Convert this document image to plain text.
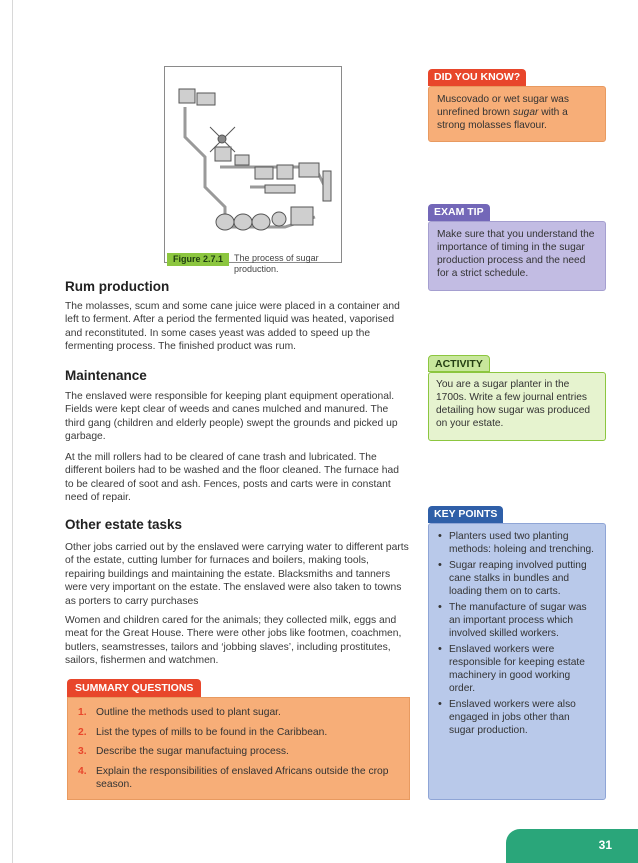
Figure 2.7.1	The process of sugar production.
Rum production

The molasses, scum and some cane juice were placed in a container and left to ferment. After a period the fermented liquid was heated, vaporised and reconstituted. In some cases yeast was added to speed up the fermenting process. The finished product was rum.

Maintenance

The enslaved were responsible for keeping plant equipment operational. Fields were kept clear of weeds and canes mulched and manured. The third gang (children and elderly people) swept the grounds and picked up garbage.

At the mill rollers had to be cleared of cane trash and lubricated. The different boilers had to be washed and the floor cleaned. The furnace had to be cleared of soot and ash. Fences, posts and carts were in constant need of repair.

Other estate tasks

Other jobs carried out by the enslaved were carrying water to different parts of the estate, cutting lumber for furnaces and boilers, making tools, repairing buildings and maintaining the estate. Blacksmiths and tanners were very important on the estate. The enslaved were also taken to towns as porters to carry purchases

Women and children cared for the animals; they collected milk, eggs and meat for the Great House. There were other jobs like footmen, coachmen, butlers, seamstresses, tailors and ‘jobbing slaves’, including prostitutes, sailors, fishermen and watchmen.

DID YOU KNOW?
Muscovado or wet sugar was unrefined brown sugar with a strong molasses flavour.
EXAM TIP
Make sure that you understand the importance of timing in the sugar production process and the need for a strict schedule.
ACTIVITY
You are a sugar planter in the 1700s. Write a few journal entries detailing how sugar was produced on your estate.
KEY POINTS
• Planters used two planting methods: holeing and trenching.
• Sugar reaping involved putting cane stalks in bundles and loading them on to carts.
• The manufacture of sugar was an important process which involved skilled workers.
• Enslaved workers were responsible for keeping estate machinery in good working order.
• Enslaved workers were also engaged in jobs other than sugar production.
SUMMARY QUESTIONS
1. Outline the methods used to plant sugar.
2. List the types of mills to be found in the Caribbean.
3. Describe the sugar manufactuing process.
4. Explain the responsibilities of enslaved Africans outside the crop season.
31
